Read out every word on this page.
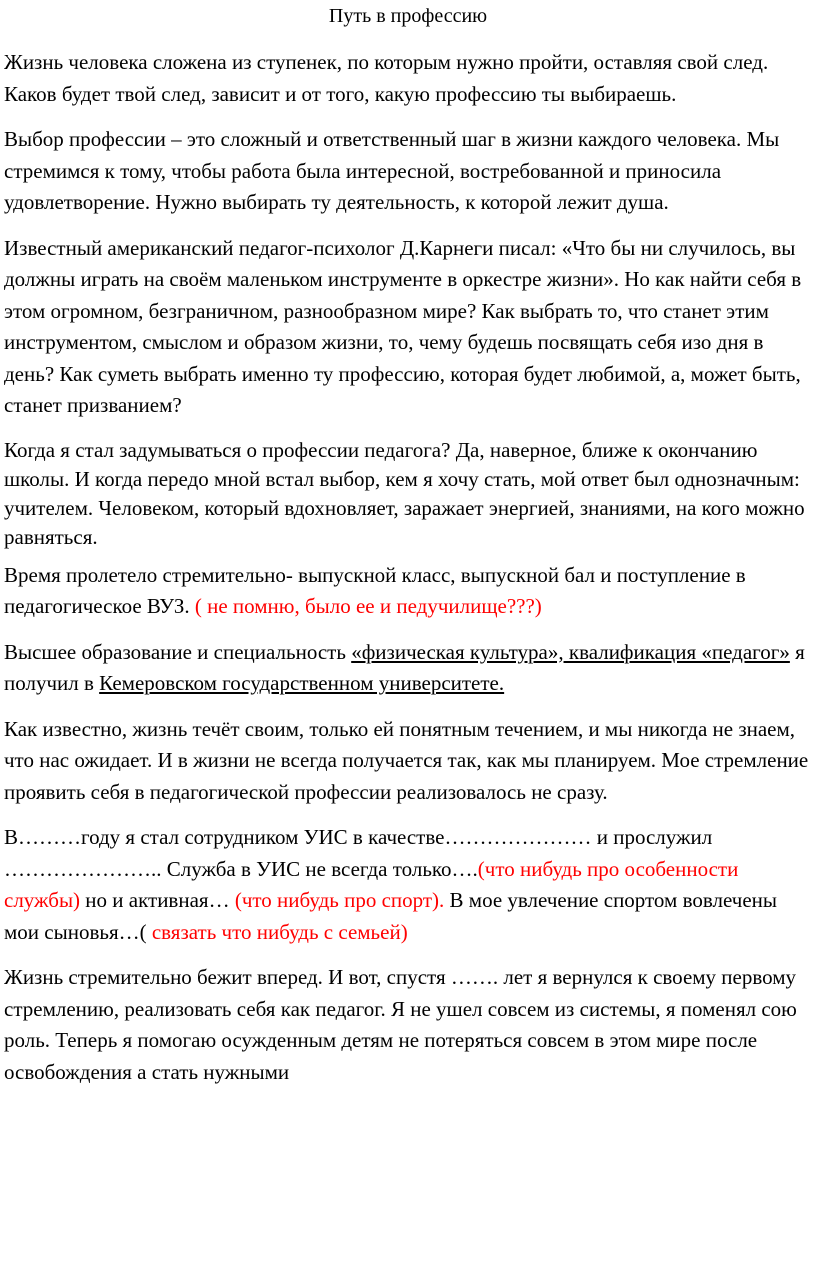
Путь в профессию

Жизнь человека сложена из ступенек, по которым нужно пройти, оставляя свой след. Каков будет твой след, зависит и от того, какую профессию ты выбираешь.

Выбор профессии – это сложный и ответственный шаг в жизни каждого человека. Мы стремимся к тому, чтобы работа была интересной, востребованной и приносила удовлетворение. Нужно выбирать ту деятельность, к которой лежит душа.

Известный американский педагог-психолог Д.Карнеги писал: «Что бы ни случилось, вы должны играть на своём маленьком инструменте в оркестре жизни». Но как найти себя в этом огромном, безграничном, разнообразном мире? Как выбрать то, что станет этим инструментом, смыслом и образом жизни, то, чему будешь посвящать себя изо дня в день? Как суметь выбрать именно ту профессию, которая будет любимой, а, может быть, станет призванием?

Когда я стал задумываться о профессии педагога? Да, наверное, ближе к окончанию школы. И когда передо мной встал выбор, кем я хочу стать, мой ответ был однозначным: учителем. Человеком, который вдохновляет, заражает энергией, знаниями, на кого можно равняться.

Время пролетело стремительно- выпускной класс, выпускной бал и поступление в педагогическое ВУЗ. ( не помню, было ее и педучилище???)

Высшее образование и специальность «физическая культура», квалификация «педагог» я получил в Кемеровском государственном университете.

Как известно, жизнь течёт своим, только ей понятным течением, и мы никогда не знаем, что нас ожидает. И в жизни не всегда получается так, как мы планируем. Мое стремление проявить себя в педагогической профессии реализовалось не сразу.

В………году я стал сотрудником УИС в качестве………………… и прослужил ………………….. Служба в УИС не всегда только….(что нибудь про особенности службы) но и активная… (что нибудь про спорт). В мое увлечение спортом вовлечены мои сыновья…( связать что нибудь с семьей)

Жизнь стремительно бежит вперед. И вот, спустя ……. лет я вернулся к своему первому стремлению, реализовать себя как педагог. Я не ушел совсем из системы, я поменял сою роль. Теперь я помогаю осужденным детям не потеряться совсем в этом мире после освобождения а стать нужными
